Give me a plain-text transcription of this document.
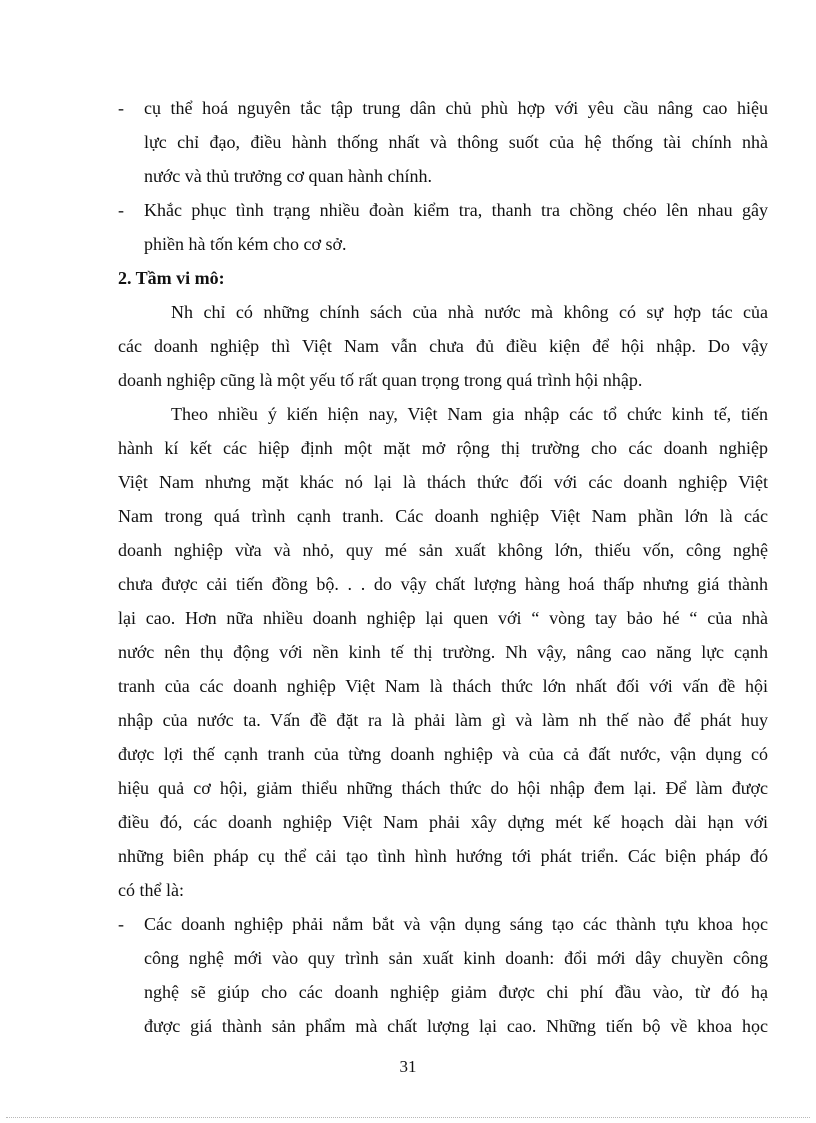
- cụ thể hoá nguyên tắc tập trung dân chủ phù hợp với yêu cầu nâng cao hiệu
lực chỉ đạo, điều hành thống nhất và thông suốt của hệ thống tài chính nhà
nước và thủ trưởng cơ quan hành chính.
- Khắc phục tình trạng nhiều đoàn kiểm tra, thanh tra chồng chéo lên nhau gây
phiền hà tốn kém cho cơ sở.
2. Tầm vi mô:
Nh chỉ có những chính sách của nhà nước mà không có sự hợp tác của
các doanh nghiệp thì Việt Nam vẫn chưa đủ điều kiện để hội nhập. Do vậy
doanh nghiệp cũng là một yếu tố rất quan trọng trong quá trình hội nhập.
Theo nhiều ý kiến hiện nay, Việt Nam gia nhập các tổ chức kinh tế, tiến
hành kí kết các hiệp định một mặt mở rộng thị trường cho các doanh nghiệp
Việt Nam nhưng mặt khác nó lại là thách thức đối với các doanh nghiệp Việt
Nam trong quá trình cạnh tranh. Các doanh nghiệp Việt Nam phần lớn là các
doanh nghiệp vừa và nhỏ, quy mé sản xuất không lớn, thiếu vốn, công nghệ
chưa được cải tiến đồng bộ. . . do vậy chất lượng hàng hoá thấp nhưng giá thành
lại cao. Hơn nữa nhiều doanh nghiệp lại quen với “ vòng tay bảo hé “ của nhà
nước nên thụ động với nền kinh tế thị trường. Nh vậy, nâng cao năng lực cạnh
tranh của các doanh nghiệp Việt Nam là thách thức lớn nhất đối với vấn đề hội
nhập của nước ta. Vấn đề đặt ra là phải làm gì và làm nh thế nào để phát huy
được lợi thế cạnh tranh của từng doanh nghiệp và của cả đất nước, vận dụng có
hiệu quả cơ hội, giảm thiểu những thách thức do hội nhập đem lại. Để làm được
điều đó, các doanh nghiệp Việt Nam phải xây dựng mét kế hoạch dài hạn với
những biên pháp cụ thể cải tạo tình hình hướng tới phát triển. Các biện pháp đó
có thể là:
- Các doanh nghiệp phải nắm bắt và vận dụng sáng tạo các thành tựu khoa học
công nghệ mới vào quy trình sản xuất kinh doanh: đổi mới dây chuyền công
nghệ sẽ giúp cho các doanh nghiệp giảm được chi phí đầu vào, từ đó hạ
được giá thành sản phẩm mà chất lượng lại cao. Những tiến bộ về khoa học
31
